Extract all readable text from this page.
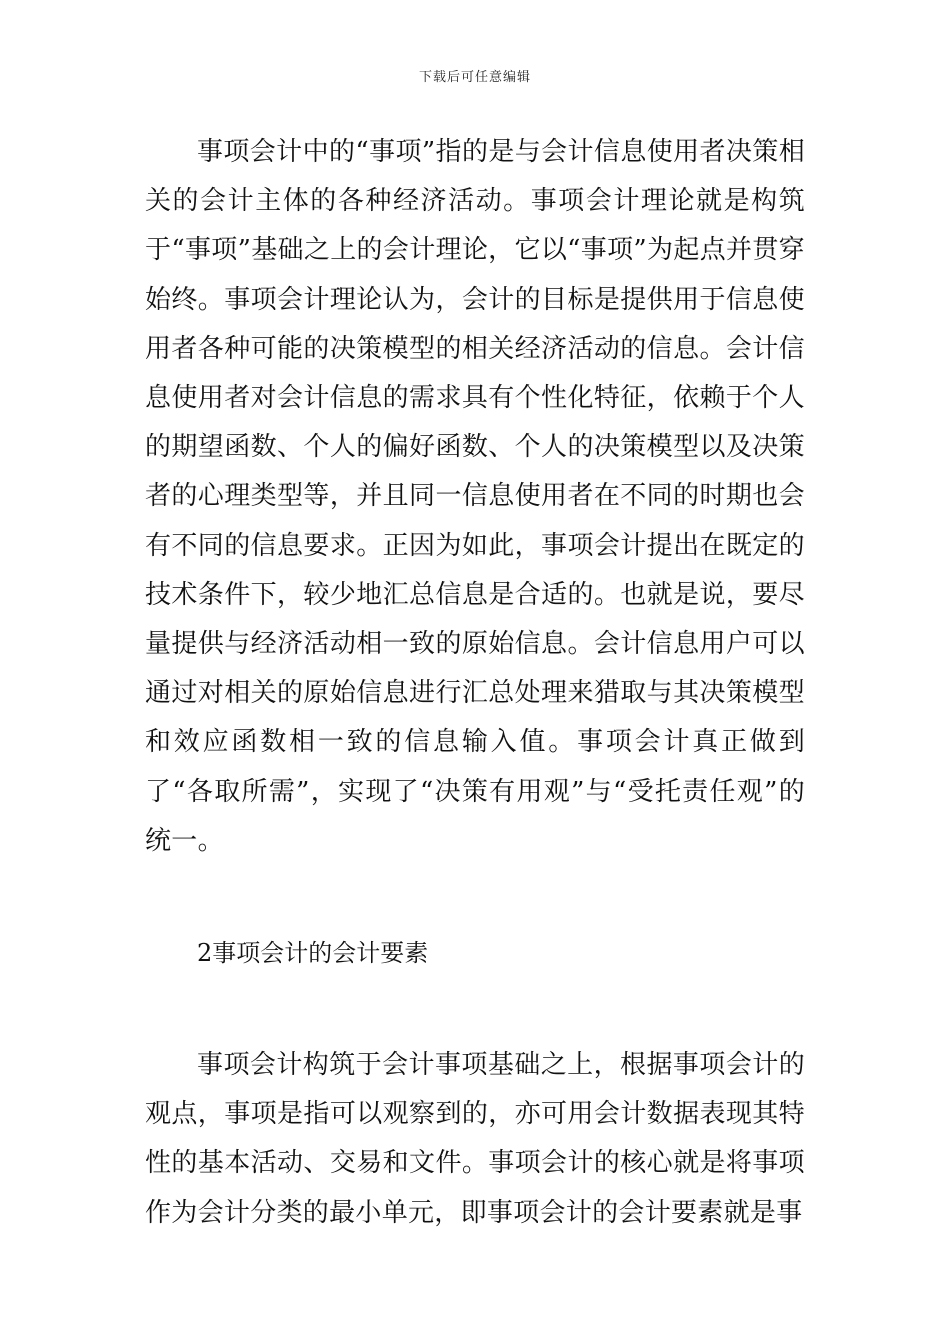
下载后可任意编辑

事项会计中的“事项”指的是与会计信息使用者决策相关的会计主体的各种经济活动。事项会计理论就是构筑于“事项”基础之上的会计理论，它以“事项”为起点并贯穿始终。事项会计理论认为，会计的目标是提供用于信息使用者各种可能的决策模型的相关经济活动的信息。会计信息使用者对会计信息的需求具有个性化特征，依赖于个人的期望函数、个人的偏好函数、个人的决策模型以及决策者的心理类型等，并且同一信息使用者在不同的时期也会有不同的信息要求。正因为如此，事项会计提出在既定的技术条件下，较少地汇总信息是合适的。也就是说，要尽量提供与经济活动相一致的原始信息。会计信息用户可以通过对相关的原始信息进行汇总处理来猎取与其决策模型和效应函数相一致的信息输入值。事项会计真正做到了“各取所需”，实现了“决策有用观”与“受托责任观”的统一。

2事项会计的会计要素

事项会计构筑于会计事项基础之上，根据事项会计的观点，事项是指可以观察到的，亦可用会计数据表现其特性的基本活动、交易和文件。事项会计的核心就是将事项作为会计分类的最小单元，即事项会计的会计要素就是事
